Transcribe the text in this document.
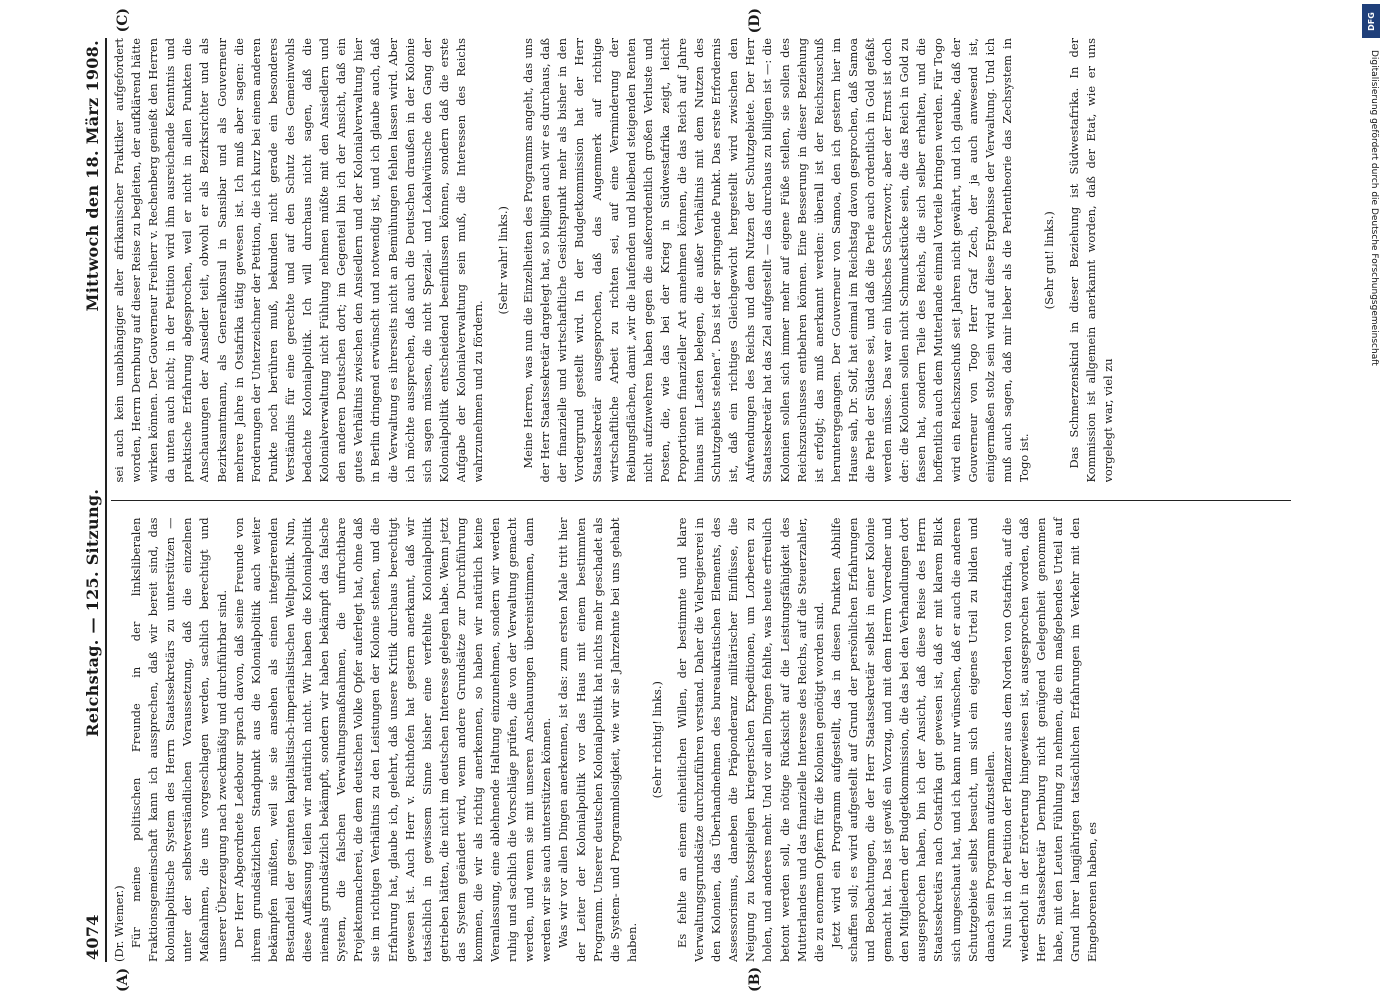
4074
Reichstag. — 125. Sitzung.
Mittwoch den 18. März 1908.

(Dr. Wiemer.) Für meine politischen Freunde in der linksliberalen Fraktionsgemeinschaft kann ich aussprechen, daß wir bereit sind, das kolonialpolitische System des Herrn Staatssekretärs zu unterstützen — unter der selbstverständlichen Voraussetzung, daß die einzelnen Maßnahmen, die uns vorgeschlagen werden, sachlich berechtigt und unserer Überzeugung nach zweckmäßig und durchführbar sind. Der Herr Abgeordnete Ledebour sprach davon, daß seine Freunde von ihrem grundsätzlichen Standpunkt aus die Kolonialpolitik auch weiter bekämpfen müßten, weil sie sie ansehen als einen integrierenden Bestandteil der gesamten kapitalistisch-imperialistischen Weltpolitik. Nun, diese Auffassung teilen wir natürlich nicht. Wir haben die Kolonialpolitik niemals grundsätzlich bekämpft, sondern wir haben bekämpft das falsche System, die falschen Verwaltungsmaßnahmen, die unfruchtbare Projektenmacherei, die dem deutschen Volke Opfer auferlegt hat, ohne daß sie im richtigen Verhältnis zu den Leistungen der Kolonie stehen, und die Erfahrung hat, glaube ich, gelehrt, daß unsere Kritik durchaus berechtigt gewesen ist. Auch Herr v. Richthofen hat gestern anerkannt, daß wir tatsächlich in gewissem Sinne bisher eine verfehlte Kolonialpolitik getrieben hätten, die nicht im deutschen Interesse gelegen habe. Wenn jetzt das System geändert wird, wenn andere Grundsätze zur Durchführung kommen, die wir als richtig anerkennen, so haben wir natürlich keine Veranlassung, eine ablehnende Haltung einzunehmen, sondern wir werden ruhig und sachlich die Vorschläge prüfen, die von der Verwaltung gemacht werden, und wenn sie mit unseren Anschauungen übereinstimmen, dann werden wir sie auch unterstützen können. Was wir vor allen Dingen anerkennen, ist das: zum ersten Male tritt hier der Leiter der Kolonialpolitik vor das Haus mit einem bestimmten Programm. Unserer deutschen Kolonialpolitik hat nichts mehr geschadet als die System- und Programmlosigkeit, wie wir sie Jahrzehnte bei uns gehabt haben.

(Sehr richtig! links.) Es fehlte an einem einheitlichen Willen, der bestimmte und klare Verwaltungsgrundsätze durchzuführen verstand. Daher die Vielregiererei in den Kolonien, das Überhandnehmen des bureaukratischen Elements, des Assessorismus, daneben die Präponderanz militärischer Einflüsse, die Neigung zu kostspieligen kriegerischen Expeditionen, um Lorbeeren zu holen, und anderes mehr. Und vor allen Dingen fehlte, was heute erfreulich betont werden soll, die nötige Rücksicht auf die Leistungsfähigkeit des Mutterlandes und das finanzielle Interesse des Reichs, auf die Steuerzahler, die zu enormen Opfern für die Kolonien genötigt worden sind. Jetzt wird ein Programm aufgestellt, das in diesen Punkten Abhilfe schaffen soll; es wird aufgestellt auf Grund der persönlichen Erfahrungen und Beobachtungen, die der Herr Staatssekretär selbst in einer Kolonie gemacht hat. Das ist gewiß ein Vorzug, und mit dem Herrn Vorredner und den Mitgliedern der Budgetkommission, die das bei den Verhandlungen dort ausgesprochen haben, bin ich der Ansicht, daß diese Reise des Herrn Staatssekretärs nach Ostafrika gut gewesen ist, daß er mit klarem Blick sich umgeschaut hat, und ich kann nur wünschen, daß er auch die anderen Schutzgebiete selbst besucht, um sich ein eigenes Urteil zu bilden und danach sein Programm aufzustellen. Nun ist in der Petition der Pflanzer aus dem Norden von Ostafrika, auf die wiederholt in der Erörterung hingewiesen ist, ausgesprochen worden, daß Herr Staatssekretär Dernburg nicht genügend Gelegenheit genommen habe, mit den Leuten Fühlung zu nehmen, die ein maßgebendes Urteil auf Grund ihrer langjährigen tatsächlichen Erfahrungen im Verkehr mit den Eingeborenen haben, es

sei auch kein unabhängiger alter afrikanischer Praktiker aufgefordert worden, Herrn Dernburg auf dieser Reise zu begleiten, der aufklärend hätte wirken können. Der Gouverneur Freiherr v. Rechenberg genießt den Herren da unten auch nicht; in der Petition wird ihm ausreichende Kenntnis und praktische Erfahrung abgesprochen, weil er nicht in allen Punkten die Anschauungen der Ansiedler teilt, obwohl er als Bezirksrichter und als Bezirksamtmann, als Generalkonsul in Sansibar und als Gouverneur mehrere Jahre in Ostafrika tätig gewesen ist. Ich muß aber sagen: die Forderungen der Unterzeichner der Petition, die ich kurz bei einem anderen Punkte noch berühren muß, bekunden nicht gerade ein besonderes Verständnis für eine gerechte und auf den Schutz des Gemeinwohls bedachte Kolonialpolitik. Ich will durchaus nicht sagen, daß die Kolonialverwaltung nicht Fühlung nehmen müßte mit den Ansiedlern und den anderen Deutschen dort; im Gegenteil bin ich der Ansicht, daß ein gutes Verhältnis zwischen den Ansiedlern und der Kolonialverwaltung hier in Berlin dringend erwünscht und notwendig ist, und ich glaube auch, daß die Verwaltung es ihrerseits nicht an Bemühungen fehlen lassen wird. Aber ich möchte aussprechen, daß auch die Deutschen draußen in der Kolonie sich sagen müssen, die nicht Spezial- und Lokalwünsche den Gang der Kolonialpolitik entscheidend beeinflussen können, sondern daß die erste Aufgabe der Kolonialverwaltung sein muß, die Interessen des Reichs wahrzunehmen und zu fördern.

(Sehr wahr! links.) Meine Herren, was nun die Einzelheiten des Programms angeht, das uns der Herr Staatssekretär dargelegt hat, so billigen auch wir es durchaus, daß der finanzielle und wirtschaftliche Gesichtspunkt mehr als bisher in den Vordergrund gestellt wird. In der Budgetkommission hat der Herr Staatssekretär ausgesprochen, daß das Augenmerk auf richtige wirtschaftliche Arbeit zu richten sei, auf eine Verminderung der Reibungsflächen, damit „wir die laufenden und bleibend steigenden Renten nicht aufzuwehren haben gegen die außerordentlich großen Verluste und Posten, die, wie das bei der Krieg in Südwestafrika zeigt, leicht Proportionen finanzieller Art annehmen können, die das Reich auf Jahre hinaus mit Lasten belegen, die außer Verhältnis mit dem Nutzen des Schutzgebiets stehen“. Das ist der springende Punkt. Das erste Erfordernis ist, daß ein richtiges Gleichgewicht hergestellt wird zwischen den Aufwendungen des Reichs und dem Nutzen der Schutzgebiete. Der Herr Staatssekretär hat das Ziel aufgestellt — das durchaus zu billigen ist —: die Kolonien sollen sich immer mehr auf eigene Füße stellen, sie sollen des Reichszuschusses entbehren können. Eine Besserung in dieser Beziehung ist erfolgt; das muß anerkannt werden: überall ist der Reichszuschuß heruntergegangen. Der Gouverneur von Samoa, den ich gestern hier im Hause sah, Dr. Solf, hat einmal im Reichstag davon gesprochen, daß Samoa die Perle der Südsee sei, und daß die Perle auch ordentlich in Gold gefaßt werden müsse. Das war ein hübsches Scherzwort; aber der Ernst ist doch der: die Kolonien sollen nicht Schmuckstücke sein, die das Reich in Gold zu fassen hat, sondern Teile des Reichs, die sich selber erhalten, und die hoffentlich auch dem Mutterlande einmal Vorteile bringen werden. Für Togo wird ein Reichszuschuß seit Jahren nicht gewährt, und ich glaube, daß der Gouverneur von Togo Herr Graf Zech, der ja auch anwesend ist, einigermaßen stolz sein wird auf diese Ergebnisse der Verwaltung. Und ich muß auch sagen, daß mir lieber als die Perlentheorie das Zechsystem in Togo ist.

(Sehr gut! links.) Das Schmerzenskind in dieser Beziehung ist Südwestafrika. In der Kommission ist allgemein anerkannt worden, daß der Etat, wie er uns vorgelegt war, viel zu

(A)	(B)
(C)	(D)	DFG
Digitalisierung gefördert durch die Deutsche Forschungsgemeinschaft
